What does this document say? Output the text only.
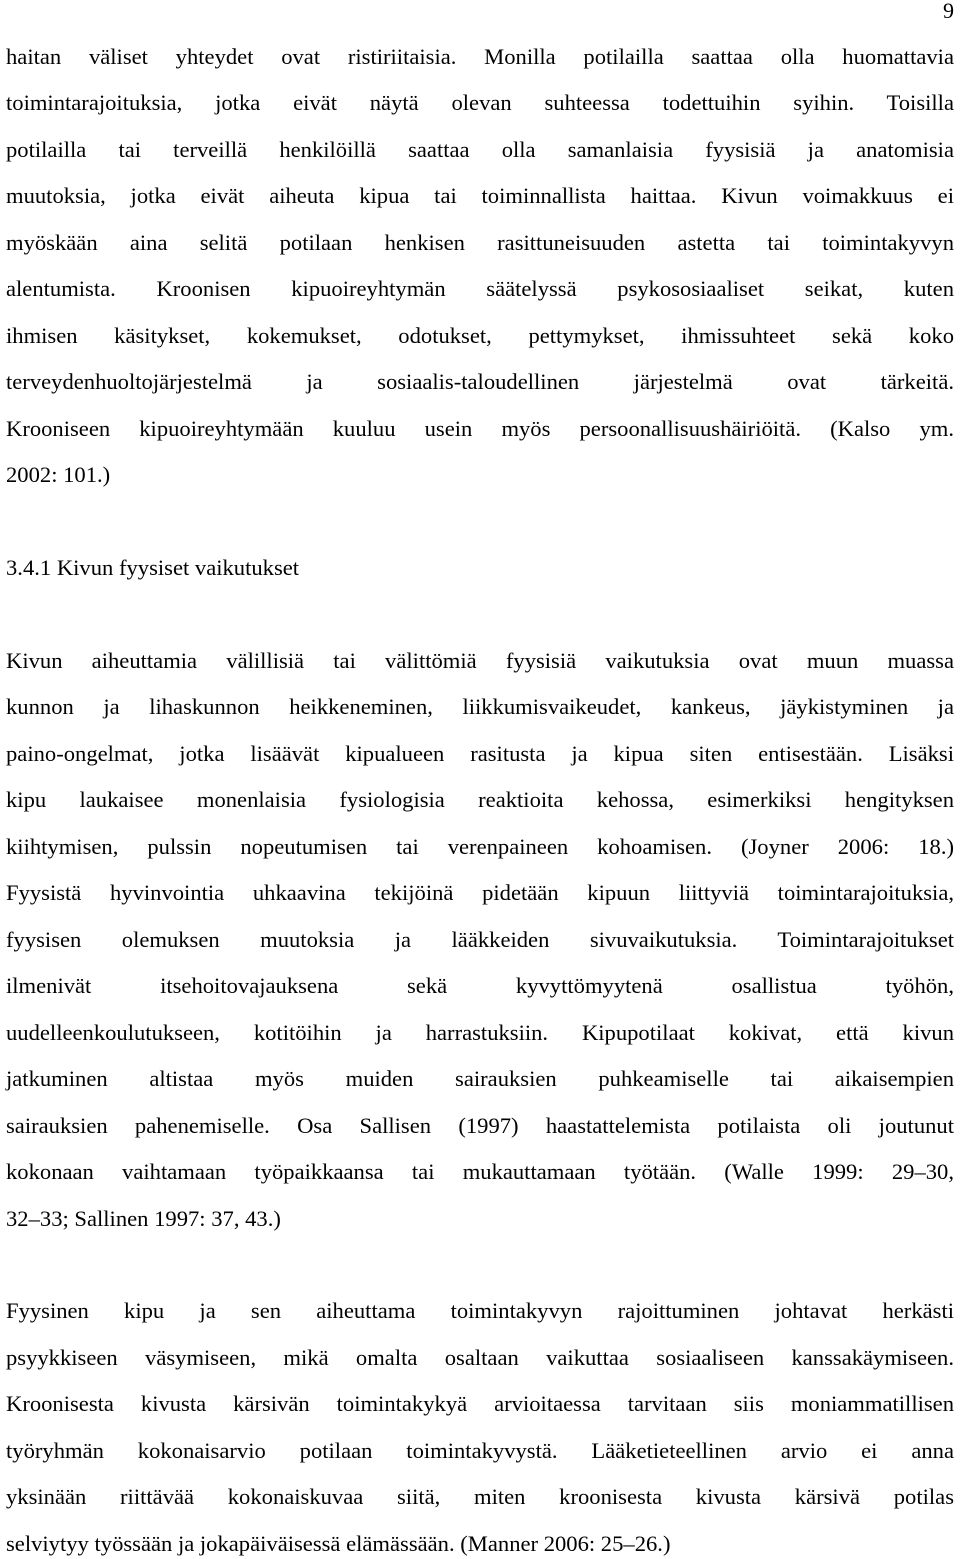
9
haitan väliset yhteydet ovat ristiriitaisia. Monilla potilailla saattaa olla huomattavia
toimintarajoituksia, jotka eivät näytä olevan suhteessa todettuihin syihin. Toisilla
potilailla tai terveillä henkilöillä saattaa olla samanlaisia fyysisiä ja anatomisia
muutoksia, jotka eivät aiheuta kipua tai toiminnallista haittaa. Kivun voimakkuus ei
myöskään aina selitä potilaan henkisen rasittuneisuuden astetta tai toimintakyvyn
alentumista. Kroonisen kipuoireyhtymän säätelyssä psykososiaaliset seikat, kuten
ihmisen käsitykset, kokemukset, odotukset, pettymykset, ihmissuhteet sekä koko
terveydenhuoltojärjestelmä ja sosiaalis-taloudellinen järjestelmä ovat tärkeitä.
Krooniseen kipuoireyhtymään kuuluu usein myös persoonallisuushäiriöitä. (Kalso ym.
2002: 101.)
3.4.1 Kivun fyysiset vaikutukset
Kivun aiheuttamia välillisiä tai välittömiä fyysisiä vaikutuksia ovat muun muassa
kunnon ja lihaskunnon heikkeneminen, liikkumisvaikeudet, kankeus, jäykistyminen ja
paino-ongelmat, jotka lisäävät kipualueen rasitusta ja kipua siten entisestään. Lisäksi
kipu laukaisee monenlaisia fysiologisia reaktioita kehossa, esimerkiksi hengityksen
kiihtymisen, pulssin nopeutumisen tai verenpaineen kohoamisen. (Joyner 2006: 18.)
Fyysistä hyvinvointia uhkaavina tekijöinä pidetään kipuun liittyviä toimintarajoituksia,
fyysisen olemuksen muutoksia ja lääkkeiden sivuvaikutuksia. Toimintarajoitukset
ilmenivät itsehoitovajauksena sekä kyvyttömyytenä osallistua työhön,
uudelleenkoulutukseen, kotitöihin ja harrastuksiin. Kipupotilaat kokivat, että kivun
jatkuminen altistaa myös muiden sairauksien puhkeamiselle tai aikaisempien
sairauksien pahenemiselle. Osa Sallisen (1997) haastattelemista potilaista oli joutunut
kokonaan vaihtamaan työpaikkaansa tai mukauttamaan työtään. (Walle 1999: 29–30,
32–33; Sallinen 1997: 37, 43.)
Fyysinen kipu ja sen aiheuttama toimintakyvyn rajoittuminen johtavat herkästi
psyykkiseen väsymiseen, mikä omalta osaltaan vaikuttaa sosiaaliseen kanssakäymiseen.
Kroonisesta kivusta kärsivän toimintakykyä arvioitaessa tarvitaan siis moniammatillisen
työryhmän kokonaisarvio potilaan toimintakyvystä. Lääketieteellinen arvio ei anna
yksinään riittävää kokonaiskuvaa siitä, miten kroonisesta kivusta kärsivä potilas
selviytyy työssään ja jokapäiväisessä elämässään. (Manner 2006: 25–26.)
